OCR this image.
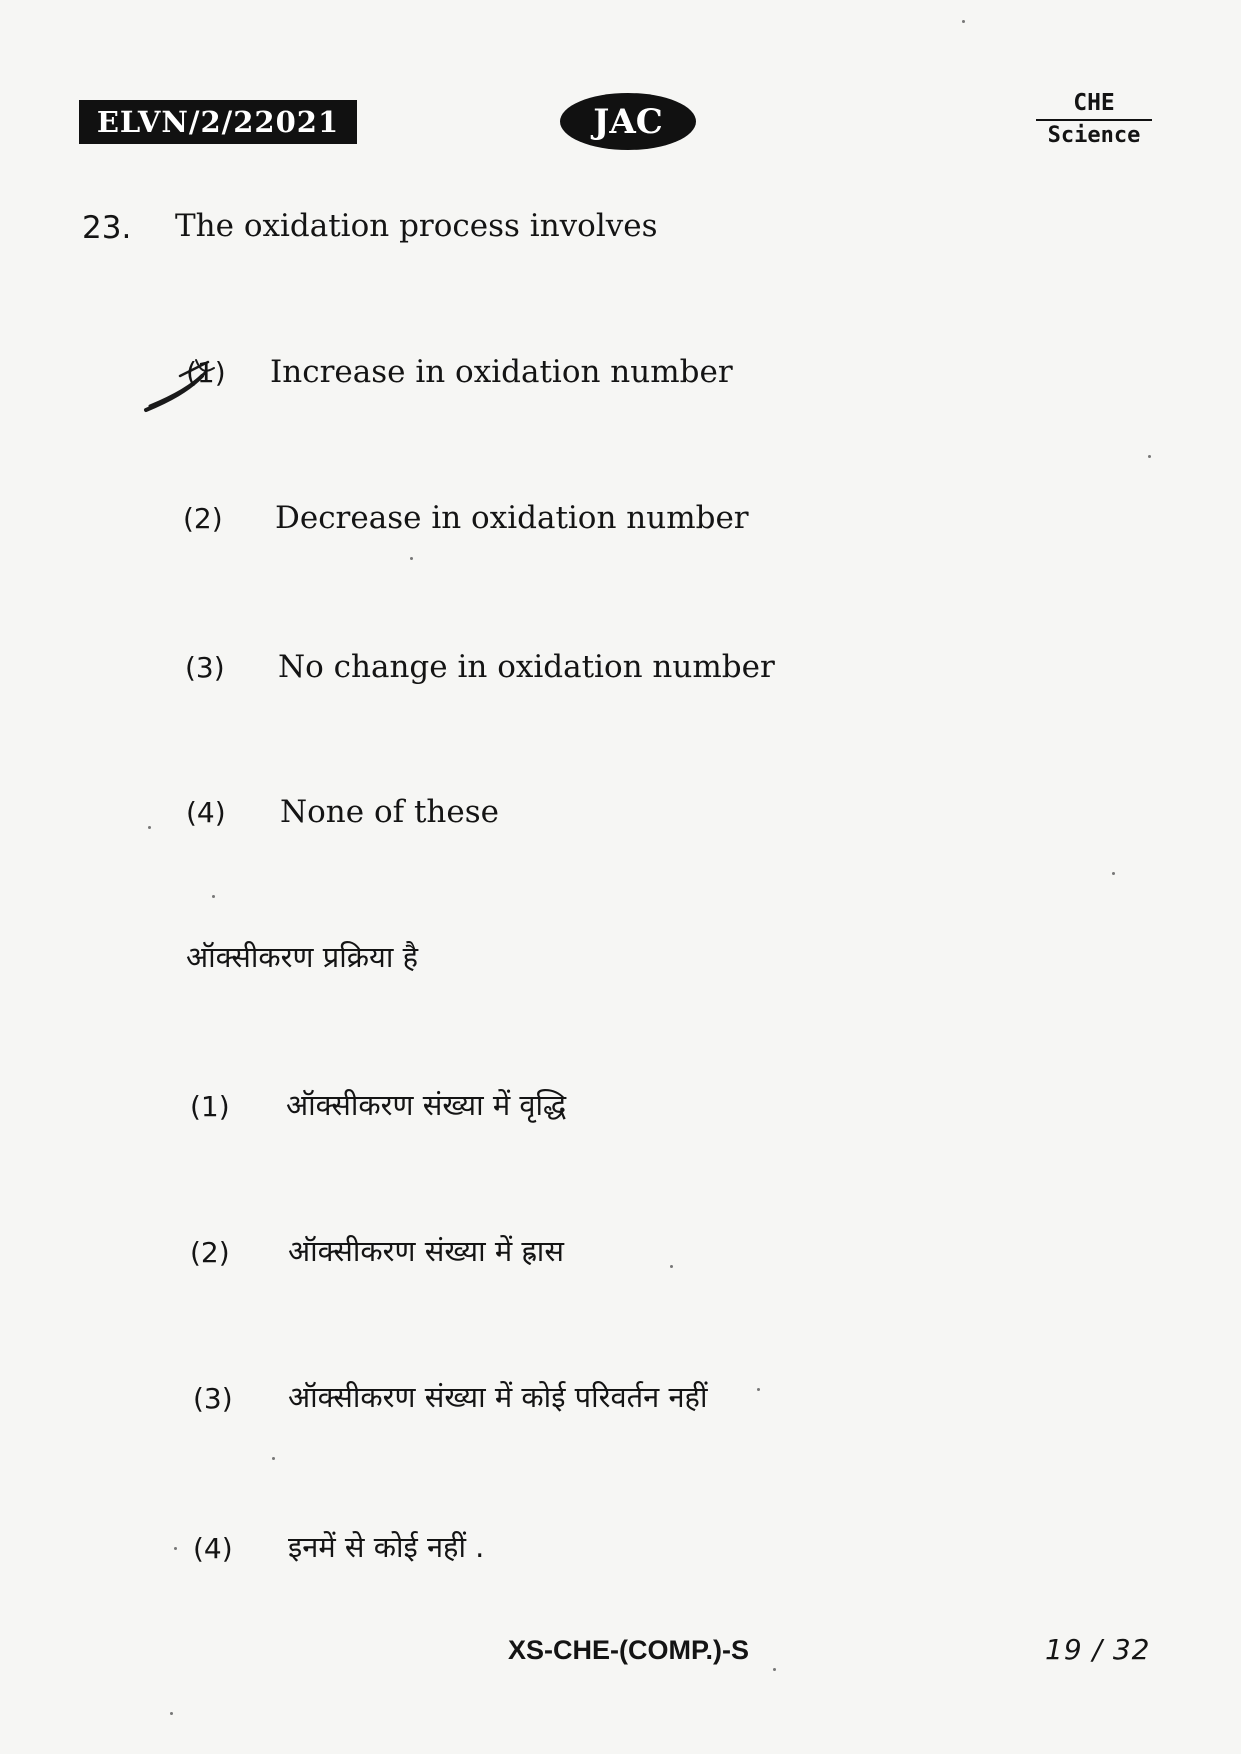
ELVN/2/22021	JAC	CHE
Science
23. The oxidation process involves
(1) Increase in oxidation number
(2) Decrease in oxidation number
(3) No change in oxidation number
(4) None of these
ऑक्सीकरण प्रक्रिया है
(1) ऑक्सीकरण संख्या में वृद्धि
(2) ऑक्सीकरण संख्या में ह्रास
(3) ऑक्सीकरण संख्या में कोई परिवर्तन नहीं
(4) इनमें से कोई नहीं .
XS-CHE-(COMP.)-S	19 / 32
